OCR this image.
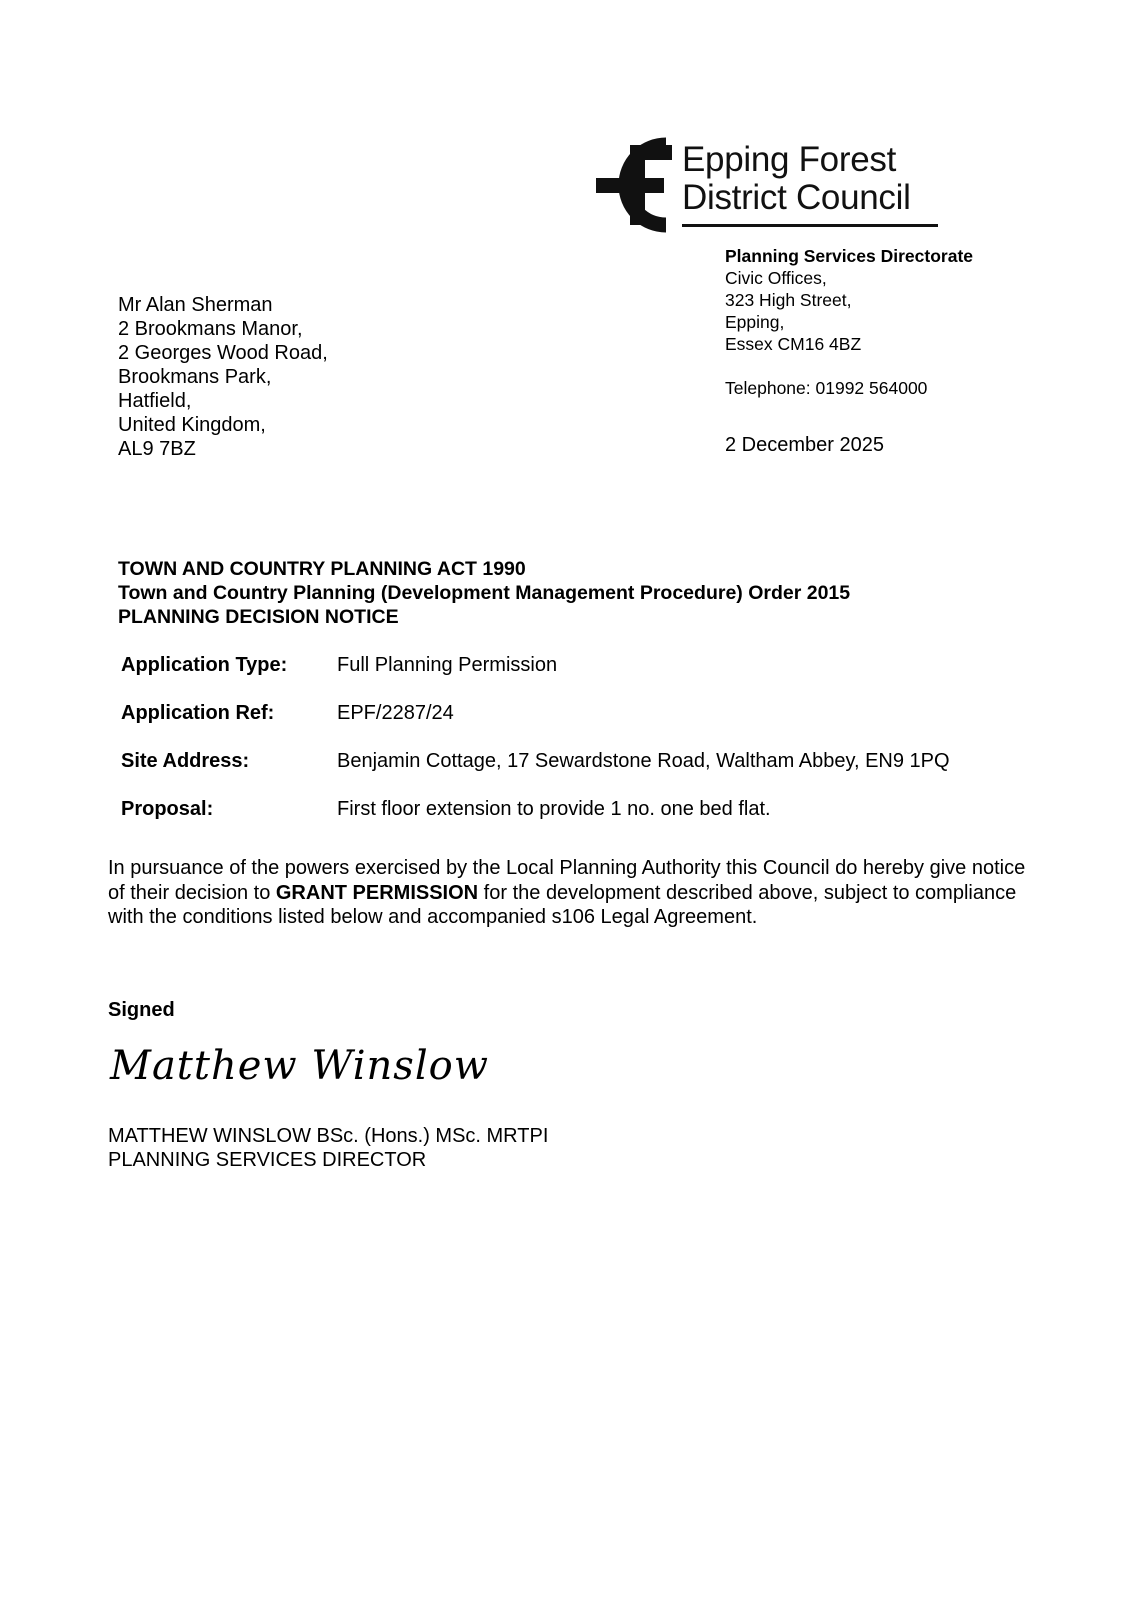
Epping Forest
District Council
Planning Services Directorate
Civic Offices,
323 High Street,
Epping,
Essex CM16 4BZ
Telephone: 01992 564000
Mr Alan Sherman
2 Brookmans Manor,
2 Georges Wood Road,
Brookmans Park,
Hatfield,
United Kingdom,
AL9 7BZ	2 December 2025
TOWN AND COUNTRY PLANNING ACT 1990
Town and Country Planning (Development Management Procedure) Order 2015
PLANNING DECISION NOTICE
Application Type: Full Planning Permission
Application Ref:	EPF/2287/24
Site Address:	Benjamin Cottage, 17 Sewardstone Road, Waltham Abbey, EN9 1PQ
Proposal:	First floor extension to provide 1 no. one bed flat.
In pursuance of the powers exercised by the Local Planning Authority this Council do hereby give notice of their decision to GRANT PERMISSION for the development described above, subject to compliance with the conditions listed below and accompanied s106 Legal Agreement.
Signed
Matthew Winslow
MATTHEW WINSLOW BSc. (Hons.) MSc. MRTPI
PLANNING SERVICES DIRECTOR
